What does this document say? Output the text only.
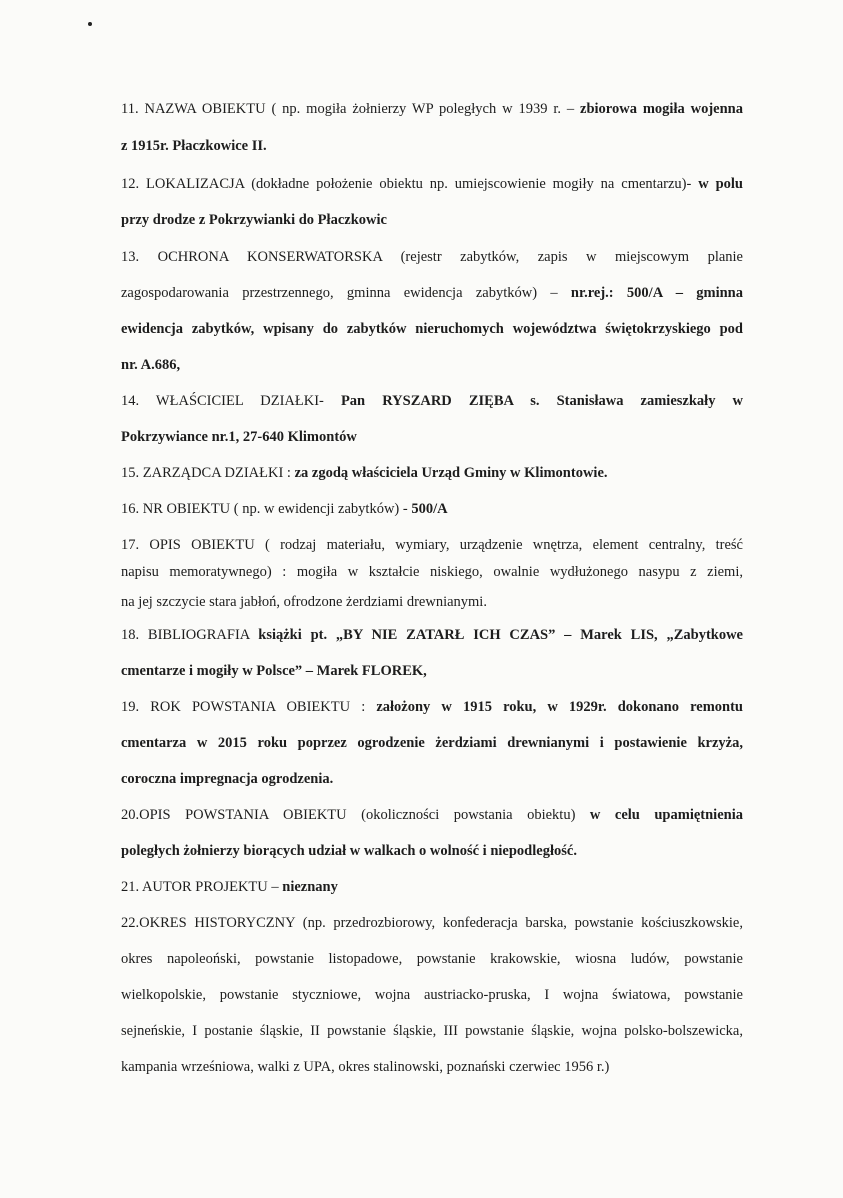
11. NAZWA OBIEKTU ( np. mogiła żołnierzy WP poległych w 1939 r. – zbiorowa mogiła wojenna
z 1915r. Płaczkowice II.
12. LOKALIZACJA (dokładne położenie obiektu np. umiejscowienie mogiły na cmentarzu)- w polu
przy drodze z Pokrzywianki do Płaczkowic
13. OCHRONA KONSERWATORSKA (rejestr zabytków, zapis w miejscowym planie
zagospodarowania przestrzennego, gminna ewidencja zabytków) – nr.rej.: 500/A – gminna
ewidencja zabytków, wpisany do zabytków nieruchomych województwa świętokrzyskiego pod
nr. A.686,
14. WŁAŚCICIEL DZIAŁKI- Pan RYSZARD ZIĘBA s. Stanisława zamieszkały w
Pokrzywiance nr.1, 27-640 Klimontów
15. ZARZĄDCA DZIAŁKI : za zgodą właściciela Urząd Gminy w Klimontowie.
16. NR OBIEKTU ( np. w ewidencji zabytków) - 500/A
17. OPIS OBIEKTU ( rodzaj materiału, wymiary, urządzenie wnętrza, element centralny, treść
napisu memoratywnego) : mogiła w kształcie niskiego, owalnie wydłużonego nasypu z ziemi,
na jej szczycie stara jabłoń, ofrodzone żerdziami drewnianymi.
18. BIBLIOGRAFIA książki pt. „BY NIE ZATARŁ ICH CZAS” – Marek LIS, „Zabytkowe
cmentarze i mogiły w Polsce” – Marek FLOREK,
19. ROK POWSTANIA OBIEKTU : założony w 1915 roku, w 1929r. dokonano remontu
cmentarza w 2015 roku poprzez ogrodzenie żerdziami drewnianymi i postawienie krzyża,
coroczna impregnacja ogrodzenia.
20.OPIS POWSTANIA OBIEKTU (okoliczności powstania obiektu) w celu upamiętnienia
poległych żołnierzy biorących udział w walkach o wolność i niepodległość.
21. AUTOR PROJEKTU – nieznany
22.OKRES HISTORYCZNY (np. przedrozbiorowy, konfederacja barska, powstanie kościuszkowskie,
okres napoleoński, powstanie listopadowe, powstanie krakowskie, wiosna ludów, powstanie
wielkopolskie, powstanie styczniowe, wojna austriacko-pruska, I wojna światowa, powstanie
sejneńskie, I postanie śląskie, II powstanie śląskie, III powstanie śląskie, wojna polsko-bolszewicka,
kampania wrześniowa, walki z UPA, okres stalinowski, poznański czerwiec 1956 r.)
